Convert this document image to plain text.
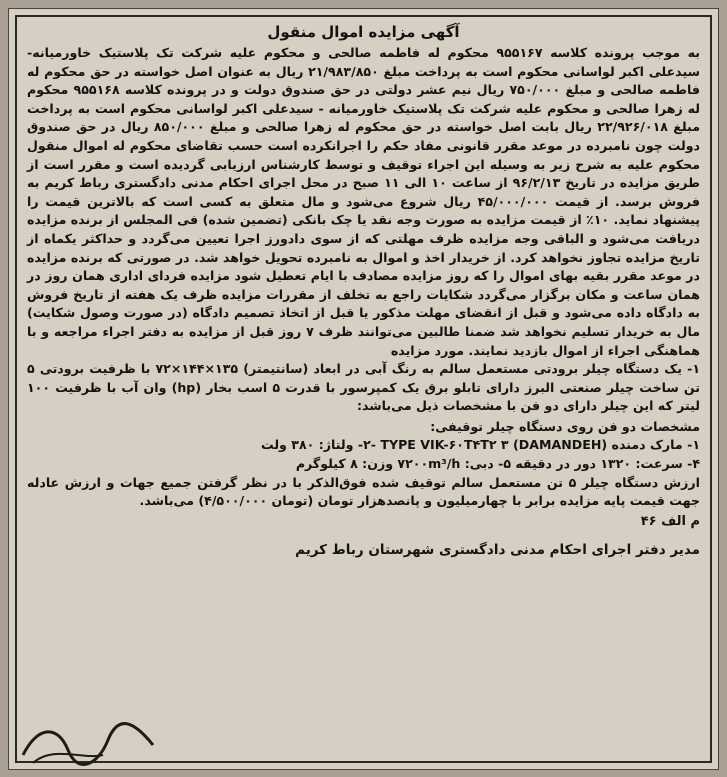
آگهی مزایده اموال منقول

به موجب پرونده کلاسه ۹۵۵۱۶۷ محکوم له فاطمه صالحی و محکوم علیه شرکت تک پلاستیک خاورمیانه- سیدعلی اکبر لواسانی محکوم است به پرداخت مبلغ ۲۱/۹۸۳/۸۵۰ ریال به عنوان اصل خواسته در حق محکوم له فاطمه صالحی و مبلغ ۷۵۰/۰۰۰ ریال نیم عشر دولتی در حق صندوق دولت و در پرونده کلاسه ۹۵۵۱۶۸ محکوم له زهرا صالحی و محکوم علیه شرکت تک پلاستیک خاورمیانه - سیدعلی اکبر لواسانی محکوم است به پرداخت مبلغ ۲۲/۹۲۶/۰۱۸ ریال بابت اصل خواسته در حق محکوم له زهرا صالحی و مبلغ ۸۵۰/۰۰۰ ریال در حق صندوق دولت چون نامبرده در موعد مقرر قانونی مفاد حکم را اجرانکرده است حسب تقاضای محکوم له اموال منقول محکوم علیه به شرح زیر به وسیله این اجراء توقیف و توسط کارشناس ارزیابی گردیده است و مقرر است از طریق مزایده در تاریخ ۹۶/۲/۱۳ از ساعت ۱۰ الی ۱۱ صبح در محل اجرای احکام مدنی دادگستری رباط کریم به فروش برسد. از قیمت ۴۵/۰۰۰/۰۰۰ ریال شروع می‌شود و مال متعلق به کسی است که بالاترین قیمت را پیشنهاد نماید. ۱۰٪ از قیمت مزایده به صورت وجه نقد یا چک بانکی (تضمین شده) فی المجلس از برنده مزایده دریافت می‌شود و الباقی وجه مزایده ظرف مهلتی که از سوی دادورز اجرا تعیین می‌گردد و حداکثر یکماه از تاریخ مزایده تجاوز نخواهد کرد. از خریدار اخذ و اموال به نامبرده تحویل خواهد شد. در صورتی که برنده مزایده در موعد مقرر بقیه بهای اموال را که روز مزایده مصادف با ایام تعطیل شود مزایده فردای اداری همان روز در همان ساعت و مکان برگزار می‌گردد شکایات راجع به تخلف از مقررات مزایده ظرف یک هفته از تاریخ فروش به دادگاه داده می‌شود و قبل از انقضای مهلت مذکور یا قبل از اتخاذ تصمیم دادگاه (در صورت وصول شکایت) مال به خریدار تسلیم نخواهد شد ضمنا طالبین می‌توانند ظرف ۷ روز قبل از مزایده به دفتر اجراء مراجعه و با هماهنگی اجراء از اموال بازدید نمایند. مورد مزایده

۱- یک دستگاه چیلر برودتی مستعمل سالم به رنگ آبی در ابعاد (سانتیمتر) ۱۳۵×۱۴۴×۷۲ با ظرفیت برودتی ۵ تن ساخت چیلر صنعتی البرز دارای تابلو برق یک کمپرسور با قدرت ۵ اسب بخار (hp) وان آب با ظرفیت ۱۰۰ لیتر که این چیلر دارای دو فن با مشخصات ذیل می‌باشد:

مشخصات دو فن روی دستگاه چیلر توقیفی:

۱- مارک دمنده (DAMANDEH) ۲- TYPE VIK-۶۰T۴T۲ ۳- ولتاژ: ۳۸۰ ولت

۴- سرعت: ۱۳۲۰ دور در دقیقه ۵- دبی: ۷۲۰۰m³/h وزن: ۸ کیلوگرم

ارزش دستگاه چیلر ۵ تن مستعمل سالم توقیف شده فوق‌الذکر با در نظر گرفتن جمیع جهات و ارزش عادله جهت قیمت پایه مزایده برابر با چهارمیلیون و پانصدهزار تومان (تومان ۴/۵۰۰/۰۰۰) می‌باشد.

م الف ۴۶

مدیر دفتر اجرای احکام مدنی دادگستری شهرستان رباط کریم
